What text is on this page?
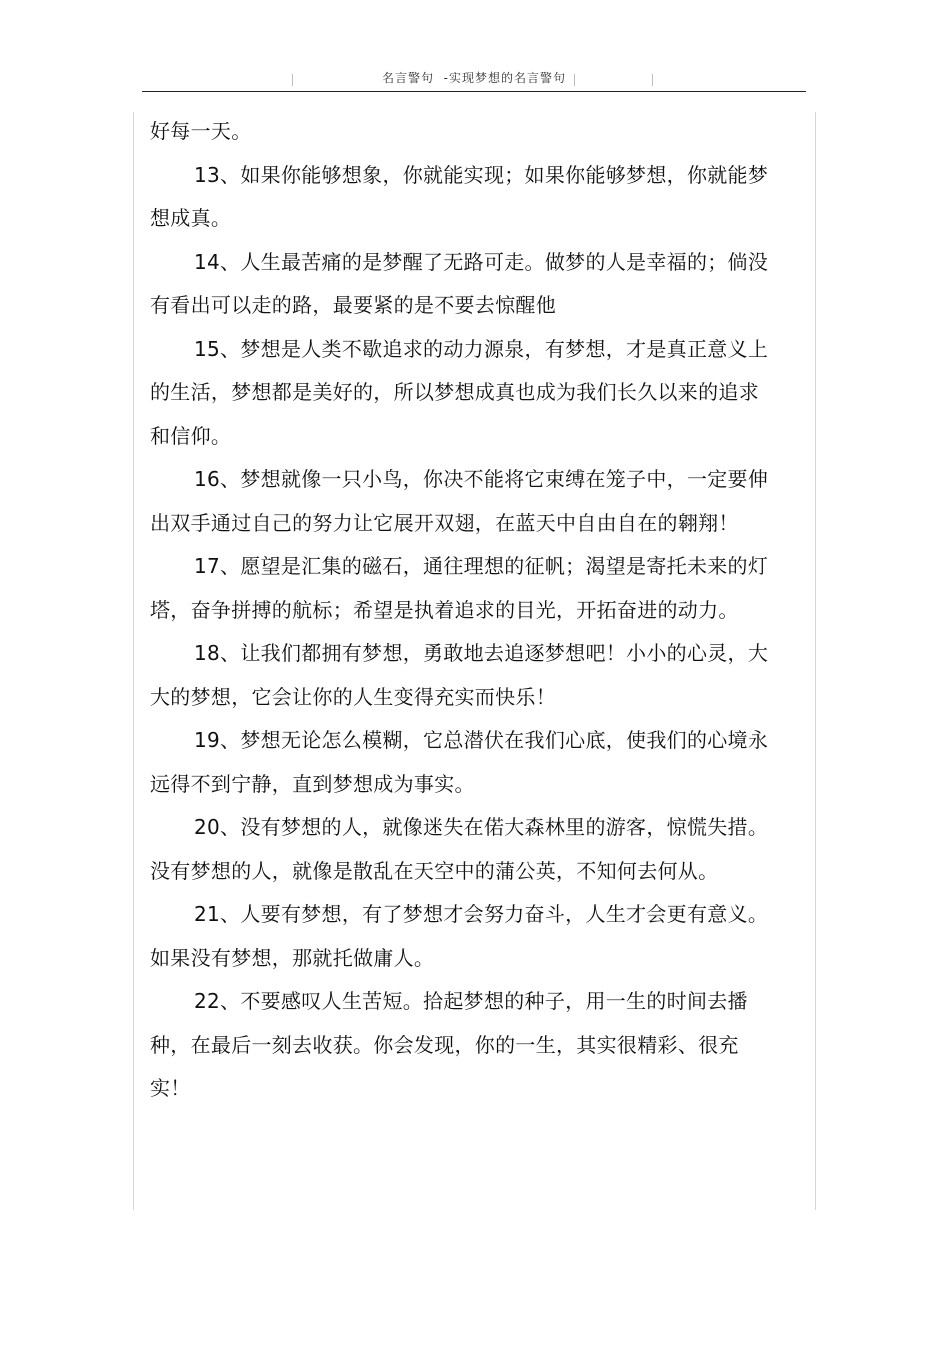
名言警句  -实现梦想的名言警句

好每一天。

13、如果你能够想象，你就能实现；如果你能够梦想，你就能梦想成真。

14、人生最苦痛的是梦醒了无路可走。做梦的人是幸福的；倘没有看出可以走的路，最要紧的是不要去惊醒他

15、梦想是人类不歇追求的动力源泉，有梦想，才是真正意义上的生活，梦想都是美好的，所以梦想成真也成为我们长久以来的追求和信仰。

16、梦想就像一只小鸟，你决不能将它束缚在笼子中，一定要伸出双手通过自己的努力让它展开双翅，在蓝天中自由自在的翱翔！

17、愿望是汇集的磁石，通往理想的征帆；渴望是寄托未来的灯塔，奋争拼搏的航标；希望是执着追求的目光，开拓奋进的动力。

18、让我们都拥有梦想，勇敢地去追逐梦想吧！小小的心灵，大大的梦想，它会让你的人生变得充实而快乐！

19、梦想无论怎么模糊，它总潜伏在我们心底，使我们的心境永远得不到宁静，直到梦想成为事实。

20、没有梦想的人，就像迷失在偌大森林里的游客，惊慌失措。没有梦想的人，就像是散乱在天空中的蒲公英，不知何去何从。

21、人要有梦想，有了梦想才会努力奋斗，人生才会更有意义。如果没有梦想，那就托做庸人。

22、不要感叹人生苦短。拾起梦想的种子，用一生的时间去播种，在最后一刻去收获。你会发现，你的一生，其实很精彩、很充实！
